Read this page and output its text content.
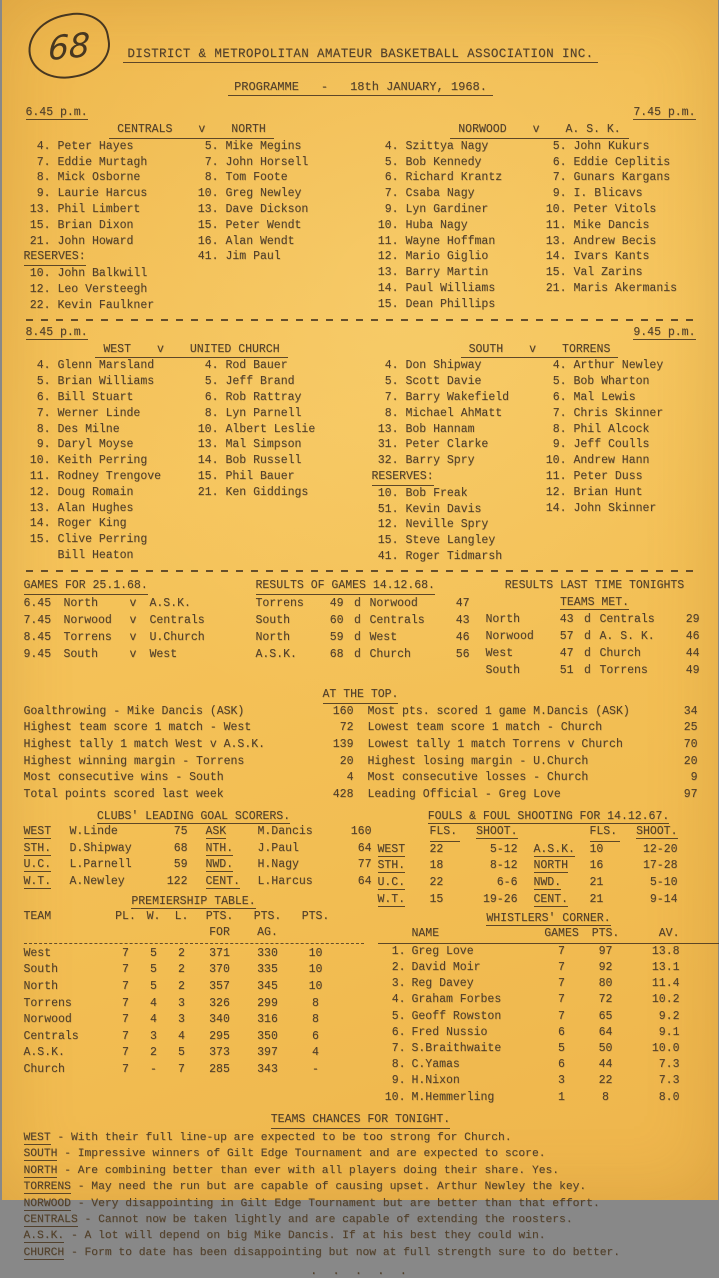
68	DISTRICT & METROPOLITAN AMATEUR BASKETBALL ASSOCIATION INC.
PROGRAMME - 18th JANUARY, 1968.
6.45 p.m.	7.45 p.m.
CENTRALS v NORTH
4. Peter Hayes
7. Eddie Murtagh
8. Mick Osborne
9. Laurie Harcus
13. Phil Limbert
15. Brian Dixon
21. John Howard
RESERVES:
10. John Balkwill
12. Leo Versteegh
22. Kevin Faulkner
5. Mike Megins
7. John Horsell
8. Tom Foote
10. Greg Newley
13. Dave Dickson
15. Peter Wendt
16. Alan Wendt
41. Jim Paul
NORWOOD v A. S. K.
4. Szittya Nagy
5. Bob Kennedy
6. Richard Krantz
7. Csaba Nagy
9. Lyn Gardiner
10. Huba Nagy
11. Wayne Hoffman
12. Mario Giglio
13. Barry Martin
14. Paul Williams
15. Dean Phillips
5. John Kukurs
6. Eddie Ceplitis
7. Gunars Kargans
9. I. Blicavs
10. Peter Vitols
11. Mike Dancis
13. Andrew Becis
14. Ivars Kants
15. Val Zarins
21. Maris Akermanis
8.45 p.m.	9.45 p.m.
WEST v UNITED CHURCH
4. Glenn Marsland
5. Brian Williams
6. Bill Stuart
7. Werner Linde
8. Des Milne
9. Daryl Moyse
10. Keith Perring
11. Rodney Trengove
12. Doug Romain
13. Alan Hughes
14. Roger King
15. Clive Perring
Bill Heaton
4. Rod Bauer
5. Jeff Brand
6. Rob Rattray
8. Lyn Parnell
10. Albert Leslie
13. Mal Simpson
14. Bob Russell
15. Phil Bauer
21. Ken Giddings
SOUTH v TORRENS
4. Don Shipway
5. Scott Davie
7. Barry Wakefield
8. Michael AhMatt
13. Bob Hannam
31. Peter Clarke
32. Barry Spry
RESERVES:
10. Bob Freak
51. Kevin Davis
12. Neville Spry
15. Steve Langley
41. Roger Tidmarsh
4. Arthur Newley
5. Bob Wharton
6. Mal Lewis
7. Chris Skinner
8. Phil Alcock
9. Jeff Coulls
10. Andrew Hann
11. Peter Duss
12. Brian Hunt
14. John Skinner
GAMES FOR 25.1.68.
6.45	North	v	A.S.K.
7.45	Norwood	v	Centrals
8.45	Torrens	v	U.Church
9.45	South	v	West
RESULTS OF GAMES 14.12.68.
Torrens	49 d Norwood	47
South	60 d Centrals	43
North	59 d West	46
A.S.K.	68 d Church	56
RESULTS LAST TIME TONIGHTS
TEAMS MET.
North	43 d Centrals	29
Norwood	57 d A. S. K.	46
West	47 d Church	44
South	51 d Torrens	49
AT THE TOP.
Goalthrowing - Mike Dancis (ASK)	160
Highest team score 1 match - West	72
Highest tally 1 match West v A.S.K.	139
Highest winning margin - Torrens	20
Most consecutive wins - South	4
Total points scored last week	428
Most pts. scored 1 game M.Dancis (ASK)	34
Lowest team score 1 match - Church	25
Lowest tally 1 match Torrens v Church	70
Highest losing margin - U.Church	20
Most consecutive losses - Church	9
Leading Official - Greg Love	97
CLUBS' LEADING GOAL SCORERS.
WEST	W.Linde	75 ASK	M.Dancis	160
STH.	D.Shipway	68 NTH.	J.Paul	64
U.C.	L.Parnell	59 NWD.	H.Nagy	77
W.T.	A.Newley	122 CENT.	L.Harcus	64
PREMIERSHIP TABLE.
TEAM	PL. W.	L.	PTS.	PTS.	PTS.
FOR	AG.
West	7	5	2	371	330	10
South	7	5	2	370	335	10
North	7	5	2	357	345	10
Torrens	7	4	3	326	299	8
Norwood	7	4	3	340	316	8
Centrals	7	3	4	295	350	6
A.S.K.	7	2	5	373	397	4
Church	7	-	7	285	343	-
FOULS & FOUL SHOOTING FOR 14.12.67.
FLS.	SHOOT.	FLS.	SHOOT.
WEST	22	5-12 A.S.K.	10	12-20
STH.	18	8-12 NORTH	16	17-28
U.C.	22	6-6 NWD.	21	5-10
W.T.	15	19-26 CENT.	21	9-14
WHISTLERS' CORNER.
NAME	GAMES	PTS.	AV.
1. Greg Love	7	97	13.8
2. David Moir	7	92	13.1
3. Reg Davey	7	80	11.4
4. Graham Forbes	7	72	10.2
5. Geoff Rowston	7	65	9.2
6. Fred Nussio	6	64	9.1
7. S.Braithwaite	5	50	10.0
8. C.Yamas	6	44	7.3
9. H.Nixon	3	22	7.3
10. M.Hemmerling	1	8	8.0
TEAMS CHANCES FOR TONIGHT.
WEST - With their full line-up are expected to be too strong for Church.
SOUTH - Impressive winners of Gilt Edge Tournament and are expected to score.
NORTH - Are combining better than ever with all players doing their share. Yes.
TORRENS - May need the run but are capable of causing upset. Arthur Newley the key.
NORWOOD - Very disappointing in Gilt Edge Tournament but are better than that effort.
CENTRALS - Cannot now be taken lightly and are capable of extending the roosters.
A.S.K. - A lot will depend on big Mike Dancis. If at his best they could win.
CHURCH - Form to date has been disappointing but now at full strength sure to do better.
. . . . .
